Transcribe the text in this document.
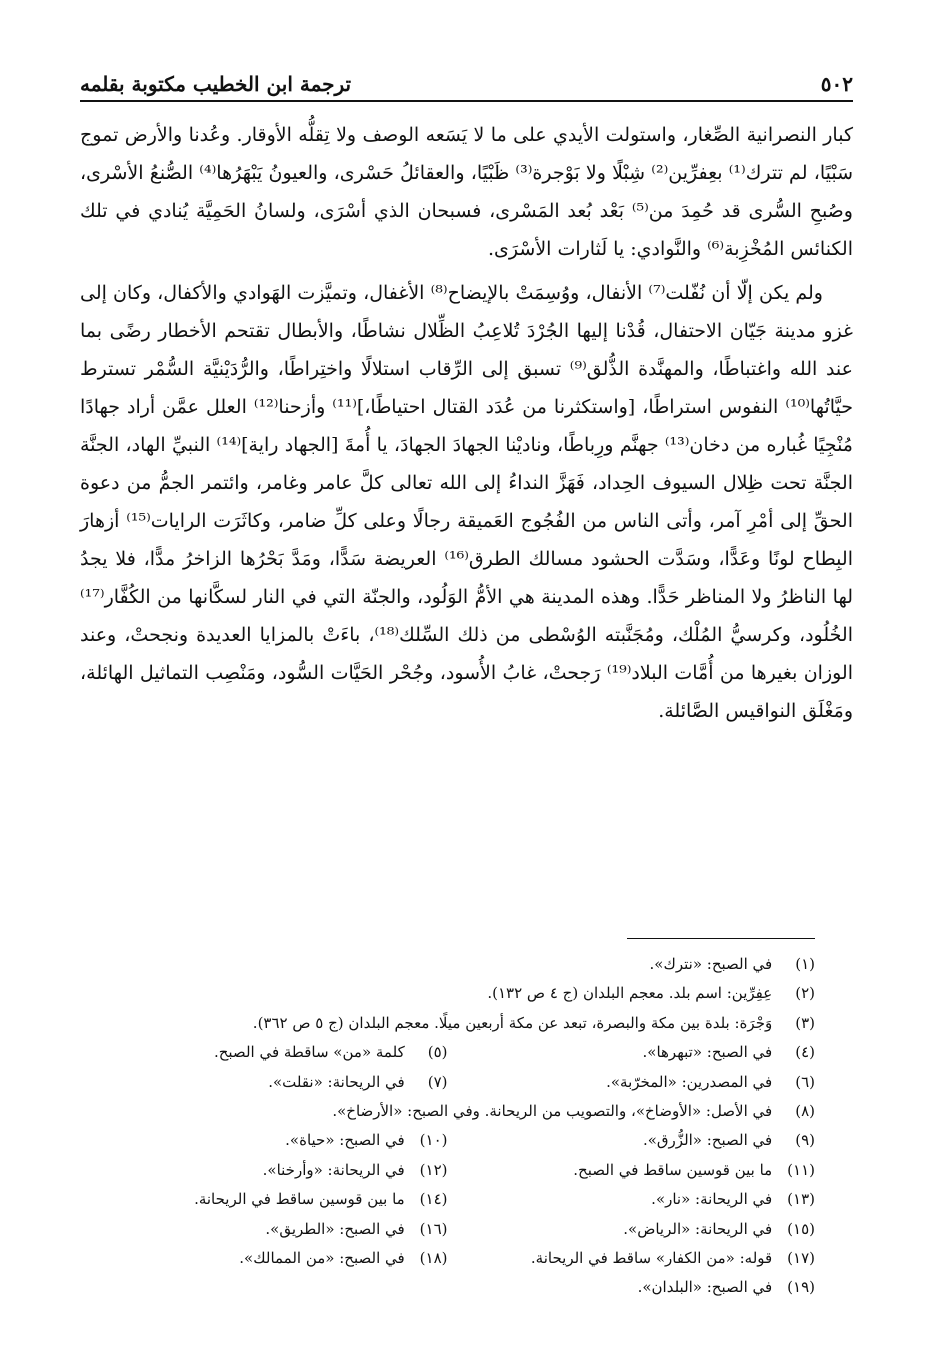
٥٠٢
ترجمة ابن الخطيب مكتوبة بقلمه

كبار النصرانية الصِّغار، واستولت الأيدي على ما لا يَسَعه الوصف ولا تِقلُّه الأوقار. وعُدنا والأرض تموج سَبْيًا، لم تترك⁽¹⁾ بعِفرِّين⁽²⁾ شِبْلًا ولا بَوْجرة⁽³⁾ ظَبْيًا، والعقائلُ حَسْرى، والعيونُ يَبْهَرُها⁽⁴⁾ الصُّنعُ الأسْرى، وصُبحِ السُّرى قد حُمِدَ من⁽⁵⁾ بَعْد بُعد المَسْرى، فسبحان الذي أسْرَى، ولسانُ الحَمِيَّة يُنادي في تلك الكنائس المُخْزِبة⁽⁶⁾ والنَّوادي: يا لَثارات الأسْرَى.

ولم يكن إلّا أن نُفّلت⁽⁷⁾ الأنفال، ووُسِمَتْ بالإيضاح⁽⁸⁾ الأغفال، وتميَّزت الهَوادي والأكفال، وكان إلى غزو مدينة جَيّان الاحتفال، قُدْنا إليها الجُرْدَ تُلاعِبُ الظِّلال نشاطًا، والأبطال تقتحم الأخطار رضًى بما عند الله واغتباطًا، والمهنَّدة الذُّلق⁽⁹⁾ تسبق إلى الرِّقاب استلالًا واختِراطًا، والرُّدَيْنيَّة السُّمْر تسترط حيَّاتُها⁽¹⁰⁾ النفوس استراطًا، [واستكثرنا من عُدَد القتال احتياطًا،]⁽¹¹⁾ وأزحنا⁽¹²⁾ العلل عمَّن أراد جهادًا مُنْجِيًا غُباره من دخان⁽¹³⁾ جهنَّم ورِباطًا، وناديْنا الجهادَ الجهادَ، يا أُمةَ [الجهاد راية]⁽¹⁴⁾ النبيِّ الهاد، الجنَّة الجنَّة تحت ظِلال السيوف الحِداد، فَهَزَّ النداءُ إلى الله تعالى كلَّ عامر وغامر، وائتمر الجمُّ من دعوة الحقِّ إلى أمْرِ آمر، وأتى الناس من الفُجُوج العَميقة رجالًا وعلى كلِّ ضامر، وكاثَرَت الرايات⁽¹⁵⁾ أزهارَ البِطاح لونًا وعَدًّا، وسَدَّت الحشود مسالك الطرق⁽¹⁶⁾ العريضة سَدًّا، ومَدَّ بَحْرُها الزاخرُ مدًّا، فلا يجدُ لها الناظرُ ولا المناظر حَدًّا. وهذه المدينة هي الأمُّ الوَلُود، والجنّة التي في النار لسكَّانها من الكُفَّار⁽¹⁷⁾ الخُلُود، وكرسيُّ المُلْك، ومُجَنَّبته الوُسْطى من ذلك السِّلك⁽¹⁸⁾، باءَتْ بالمزايا العديدة ونجحتْ، وعند الوزان بغيرها من أُمَّات البلاد⁽¹⁹⁾ رَجحتْ، غابُ الأُسود، وجُحْر الحَيَّات السُّود، ومَنْصِب التماثيل الهائلة، ومَغْلَق النواقيس الصَّائلة.

(١) في الصبح: «نترك».
(٢) عِفِرِّين: اسم بلد. معجم البلدان (ج ٤ ص ١٣٢).
(٣) وَجْرَة: بلدة بين مكة والبصرة، تبعد عن مكة أربعين ميلًا. معجم البلدان (ج ٥ ص ٣٦٢).
(٤) في الصبح: «تبهرها».
(٥) كلمة «من» ساقطة في الصبح.
(٦) في المصدرين: «المخرّبة».
(٧) في الريحانة: «نقلت».
(٨) في الأصل: «الأوضاخ»، والتصويب من الريحانة. وفي الصبح: «الأرضاخ».
(٩) في الصبح: «الزُّرق».
(١٠) في الصبح: «حياة».
(١١) ما بين قوسين ساقط في الصبح.
(١٢) في الريحانة: «وأرخنا».
(١٣) في الريحانة: «نار».
(١٤) ما بين قوسين ساقط في الريحانة.
(١٥) في الريحانة: «الرياض».
(١٦) في الصبح: «الطريق».
(١٧) قوله: «من الكفار» ساقط في الريحانة.
(١٨) في الصبح: «من الممالك».
(١٩) في الصبح: «البلدان».
